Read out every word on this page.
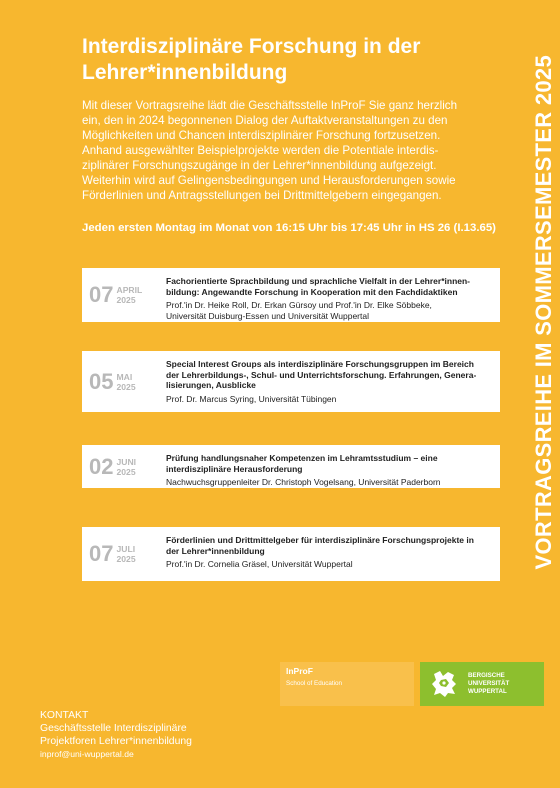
Interdisziplinäre Forschung in der
Lehrer*innenbildung
Mit dieser Vortragsreihe lädt die Geschäftsstelle InProF Sie ganz herzlich
ein, den in 2024 begonnenen Dialog der Auftaktveranstaltungen zu den
Möglichkeiten und Chancen interdisziplinärer Forschung fortzusetzen.
Anhand ausgewählter Beispielprojekte werden die Potentiale interdis-
ziplinärer Forschungszugänge in der Lehrer*innenbildung aufgezeigt.
Weiterhin wird auf Gelingensbedingungen und Herausforderungen sowie
Förderlinien und Antragsstellungen bei Drittmittelgebern eingegangen.
Jeden ersten Montag im Monat von 16:15 Uhr bis 17:45 Uhr in HS 26 (I.13.65) VORTRAGSREIHE IM SOMMERSEMESTER 2025
07 APRIL
2025
Fachorientierte Sprachbildung und sprachliche Vielfalt in der Lehrer*innen-
bildung: Angewandte Forschung in Kooperation mit den Fachdidaktiken
Prof.'in Dr. Heike Roll, Dr. Erkan Gürsoy und Prof.'in Dr. Elke Söbbeke,
Universität Duisburg-Essen und Universität Wuppertal
05 MAI
2025
Special Interest Groups als interdisziplinäre Forschungsgruppen im Bereich
der Lehrerbildungs-, Schul- und Unterrichtsforschung. Erfahrungen, Genera-
lisierungen, Ausblicke
Prof. Dr. Marcus Syring, Universität Tübingen
02 JUNI
2025
Prüfung handlungsnaher Kompetenzen im Lehramtsstudium – eine
interdisziplinäre Herausforderung
Nachwuchsgruppenleiter Dr. Christoph Vogelsang, Universität Paderborn
07 JULI
2025
Förderlinien und Drittmittelgeber für interdisziplinäre Forschungsprojekte in
der Lehrer*innenbildung
Prof.'in Dr. Cornelia Gräsel, Universität Wuppertal
InProF
School of Education
BERGISCHE
UNIVERSITÄT
WUPPERTAL
KONTAKT
Geschäftsstelle Interdisziplinäre
Projektforen Lehrer*innenbildung
inprof@uni-wuppertal.de
